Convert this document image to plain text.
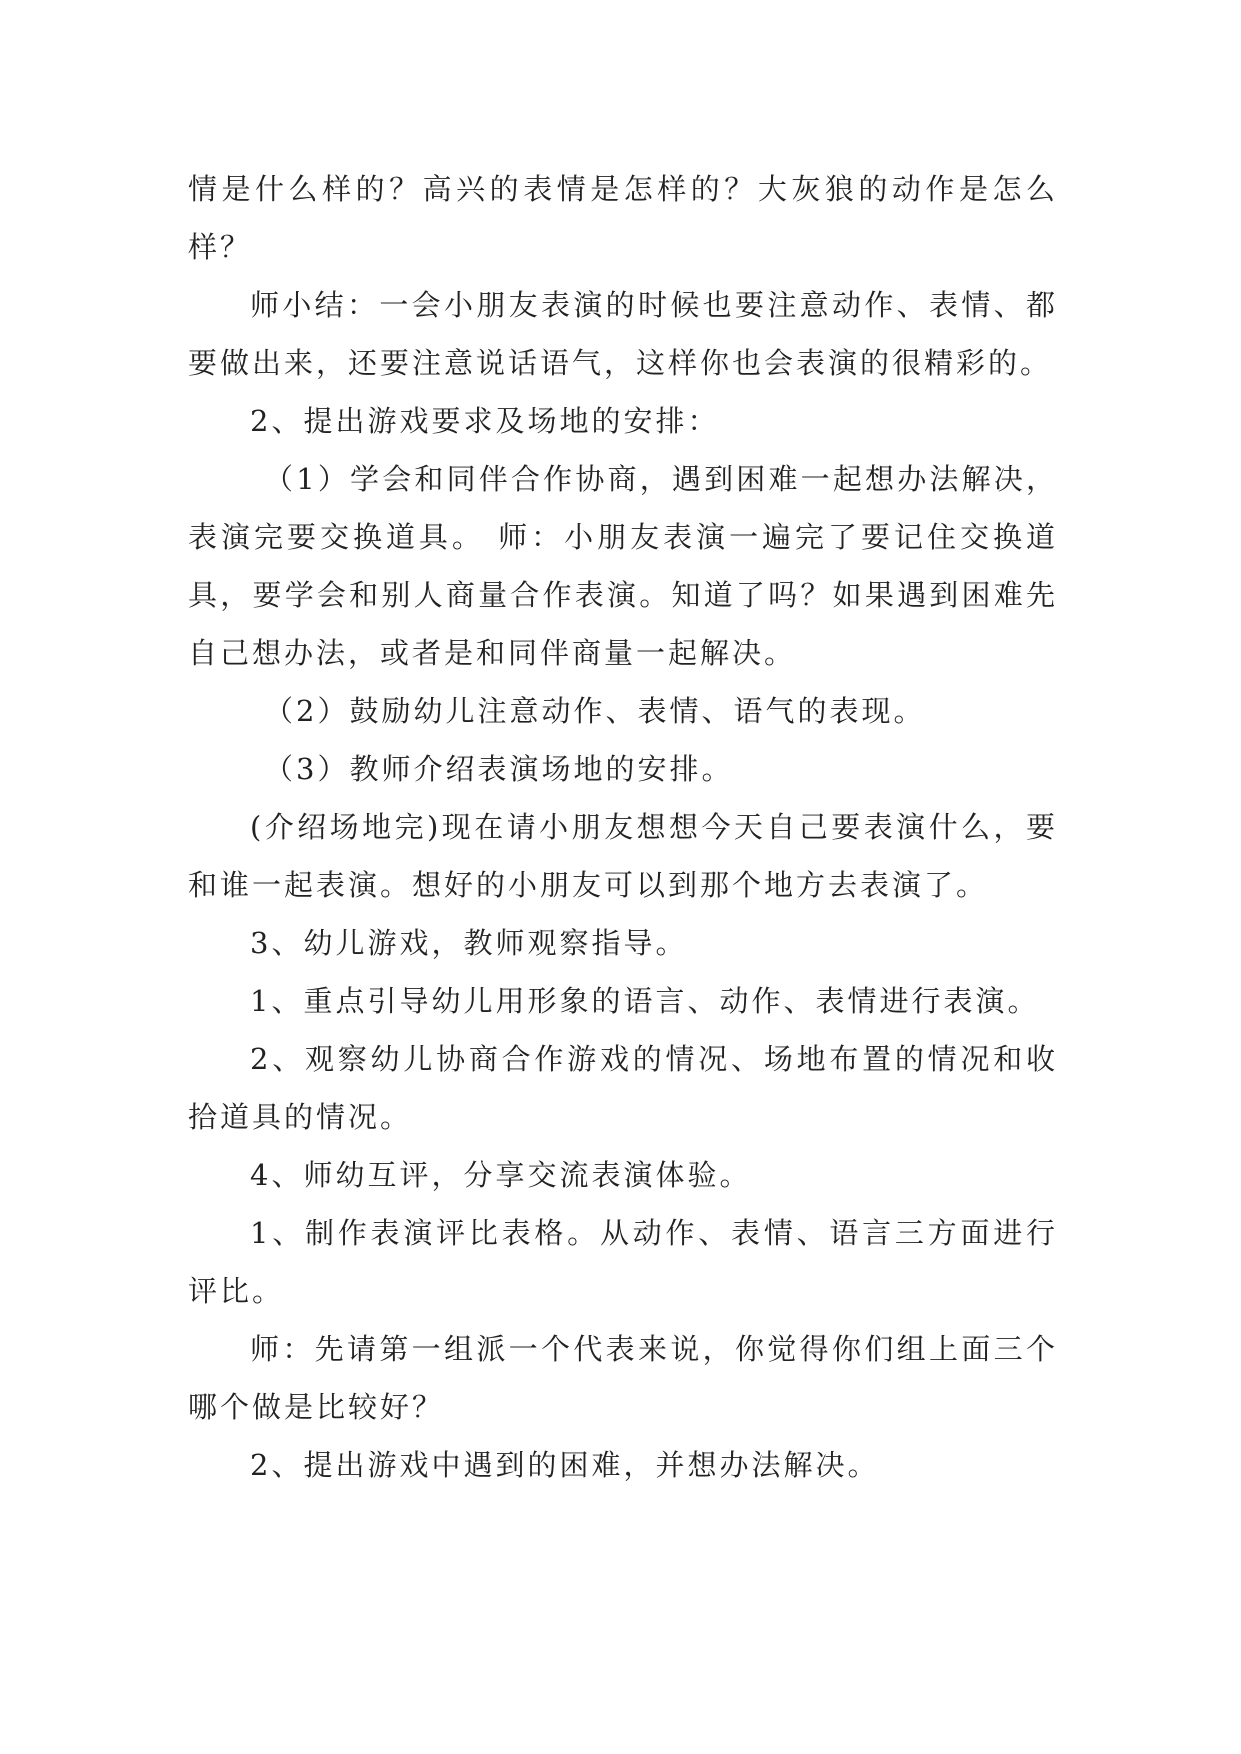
情是什么样的？高兴的表情是怎样的？大灰狼的动作是怎么样？

师小结：一会小朋友表演的时候也要注意动作、表情、都要做出来，还要注意说话语气，这样你也会表演的很精彩的。

2、提出游戏要求及场地的安排：

（1）学会和同伴合作协商，遇到困难一起想办法解决，表演完要交换道具。 师：小朋友表演一遍完了要记住交换道具，要学会和别人商量合作表演。知道了吗？如果遇到困难先自己想办法，或者是和同伴商量一起解决。

（2）鼓励幼儿注意动作、表情、语气的表现。

（3）教师介绍表演场地的安排。

(介绍场地完)现在请小朋友想想今天自己要表演什么，要和谁一起表演。想好的小朋友可以到那个地方去表演了。

3、幼儿游戏，教师观察指导。

1、重点引导幼儿用形象的语言、动作、表情进行表演。

2、观察幼儿协商合作游戏的情况、场地布置的情况和收拾道具的情况。

4、师幼互评，分享交流表演体验。

1、制作表演评比表格。从动作、表情、语言三方面进行评比。

师：先请第一组派一个代表来说，你觉得你们组上面三个哪个做是比较好？

2、提出游戏中遇到的困难，并想办法解决。
